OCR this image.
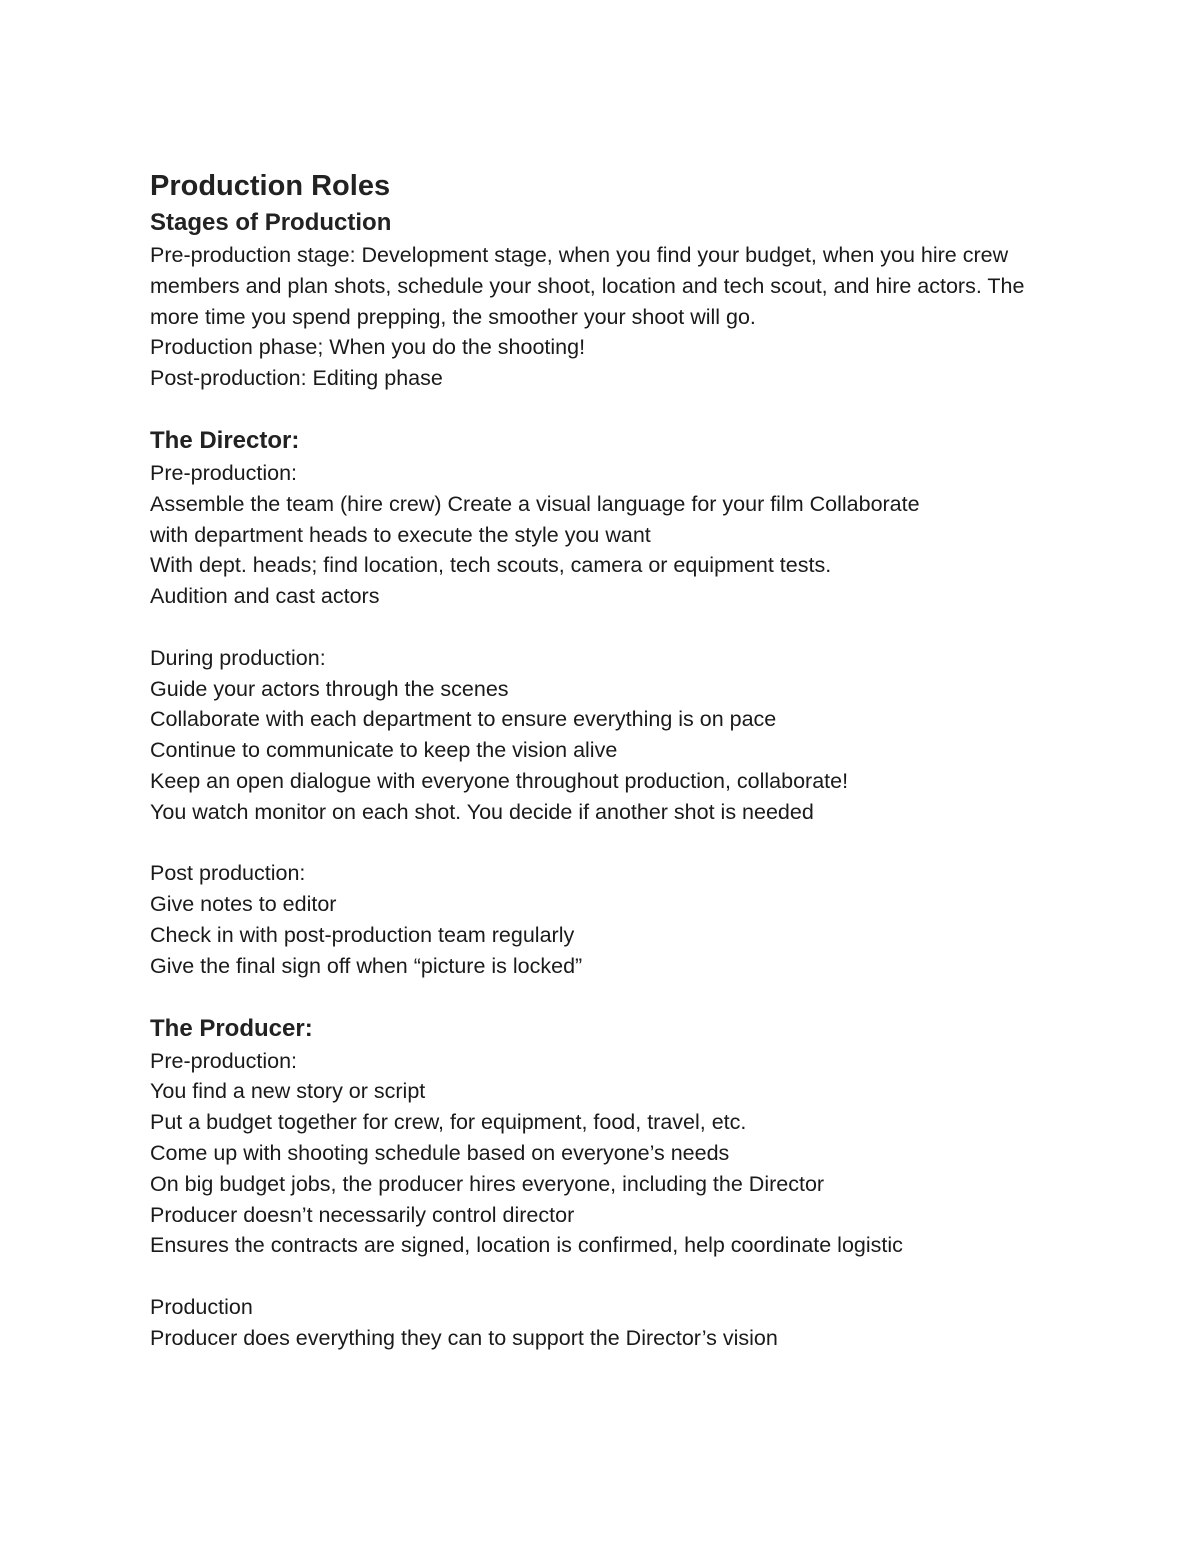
Production Roles
Stages of Production

Pre-production stage: Development stage, when you find your budget, when you hire crew members and plan shots, schedule your shoot, location and tech scout, and hire actors. The more time you spend prepping, the smoother your shoot will go.

Production phase; When you do the shooting!

Post-production: Editing phase

The Director:

Pre-production:

Assemble the team (hire crew) Create a visual language for your film Collaborate

with department heads to execute the style you want

With dept. heads; find location, tech scouts, camera or equipment tests.

Audition and cast actors

During production:

Guide your actors through the scenes

Collaborate with each department to ensure everything is on pace

Continue to communicate to keep the vision alive

Keep an open dialogue with everyone throughout production, collaborate!

You watch monitor on each shot. You decide if another shot is needed

Post production:

Give notes to editor

Check in with post-production team regularly

Give the final sign off when “picture is locked”

The Producer:

Pre-production:

You find a new story or script

Put a budget together for crew, for equipment, food, travel, etc.

Come up with shooting schedule based on everyone’s needs

On big budget jobs, the producer hires everyone, including the Director

Producer doesn’t necessarily control director

Ensures the contracts are signed, location is confirmed, help coordinate logistic

Production

Producer does everything they can to support the Director’s vision
